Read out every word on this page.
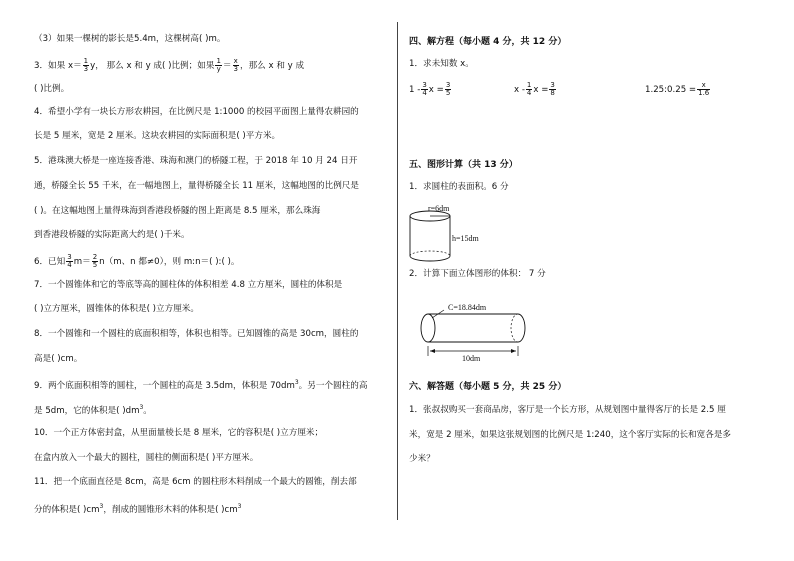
（3）如果一棵树的影长是5.4m，这棵树高( )m。
3．如果 $x= \frac{1}{3}$ y， 那么 x 和 y 成( )比例；如果 $\frac{1}{y} = \frac{x}{3}$ ，那么 x 和 y 成
( )比例。
4．希望小学有一块长方形农耕园，在比例尺是 1:1000 的校园平面图上量得农耕园的
长是 5 厘米，宽是 2 厘米。这块农耕园的实际面积是( )平方米。
5．港珠澳大桥是一座连接香港、珠海和澳门的桥隧工程，于 2018 年 10 月 24 日开
通，桥隧全长 55 千米，在一幅地图上，量得桥隧全长 11 厘米，这幅地图的比例尺是
( )。在这幅地图上量得珠海到香港段桥隧的图上距离是 8.5 厘米，那么珠海
到香港段桥隧的实际距离大约是( )千米。
6．已知 $\frac{3}{4} m= \frac{2}{5} n(m$、n 都≠0），则 m:n＝( ):( )。
7．一个圆锥体和它的等底等高的圆柱体的体积相差 4.8 立方厘米，圆柱的体积是
( )立方厘米，圆锥体的体积是( )立方厘米。
8．一个圆锥和一个圆柱的底面积相等，体积也相等。已知圆锥的高是 30cm，圆柱的
高是( )cm。
9．两个底面积相等的圆柱，一个圆柱的高是 3.5dm，体积是 $70dm^3$。另一个圆柱的高
是 5dm，它的体积是( )$dm^3$。
10．一个正方体密封盒，从里面量棱长是 8 厘米，它的容积是( )立方厘米；
在盒内放入一个最大的圆柱，圆柱的侧面积是( )平方厘米。
11．把一个底面直径是 8cm，高是 6cm 的圆柱形木料削成一个最大的圆锥，削去部
分的体积是( )$cm^3$，削成的圆锥形木料的体积是( )$cm^3$
四、解方程（每小题 4 分，共 12 分）
1．求未知数 x。
$1 - \frac{3}{4}$ $x = \frac{3}{5}$	x - $\frac{1}{4}$ $x = \frac{3}{8}$	1.25:0.25 = $\frac{x}{1.6}$
五、图形计算（共 13 分）
1．求圆柱的表面积。6 分
r=6dm
h=15dm
2．计算下面立体图形的体积： 7 分
C=18.84dm
10dm
六、解答题（每小题 5 分，共 25 分）
1．张叔叔购买一套商品房，客厅是一个长方形，从规划图中量得客厅的长是 2.5 厘
米，宽是 2 厘米，如果这张规划图的比例尺是 1:240，这个客厅实际的长和宽各是多
少米？
